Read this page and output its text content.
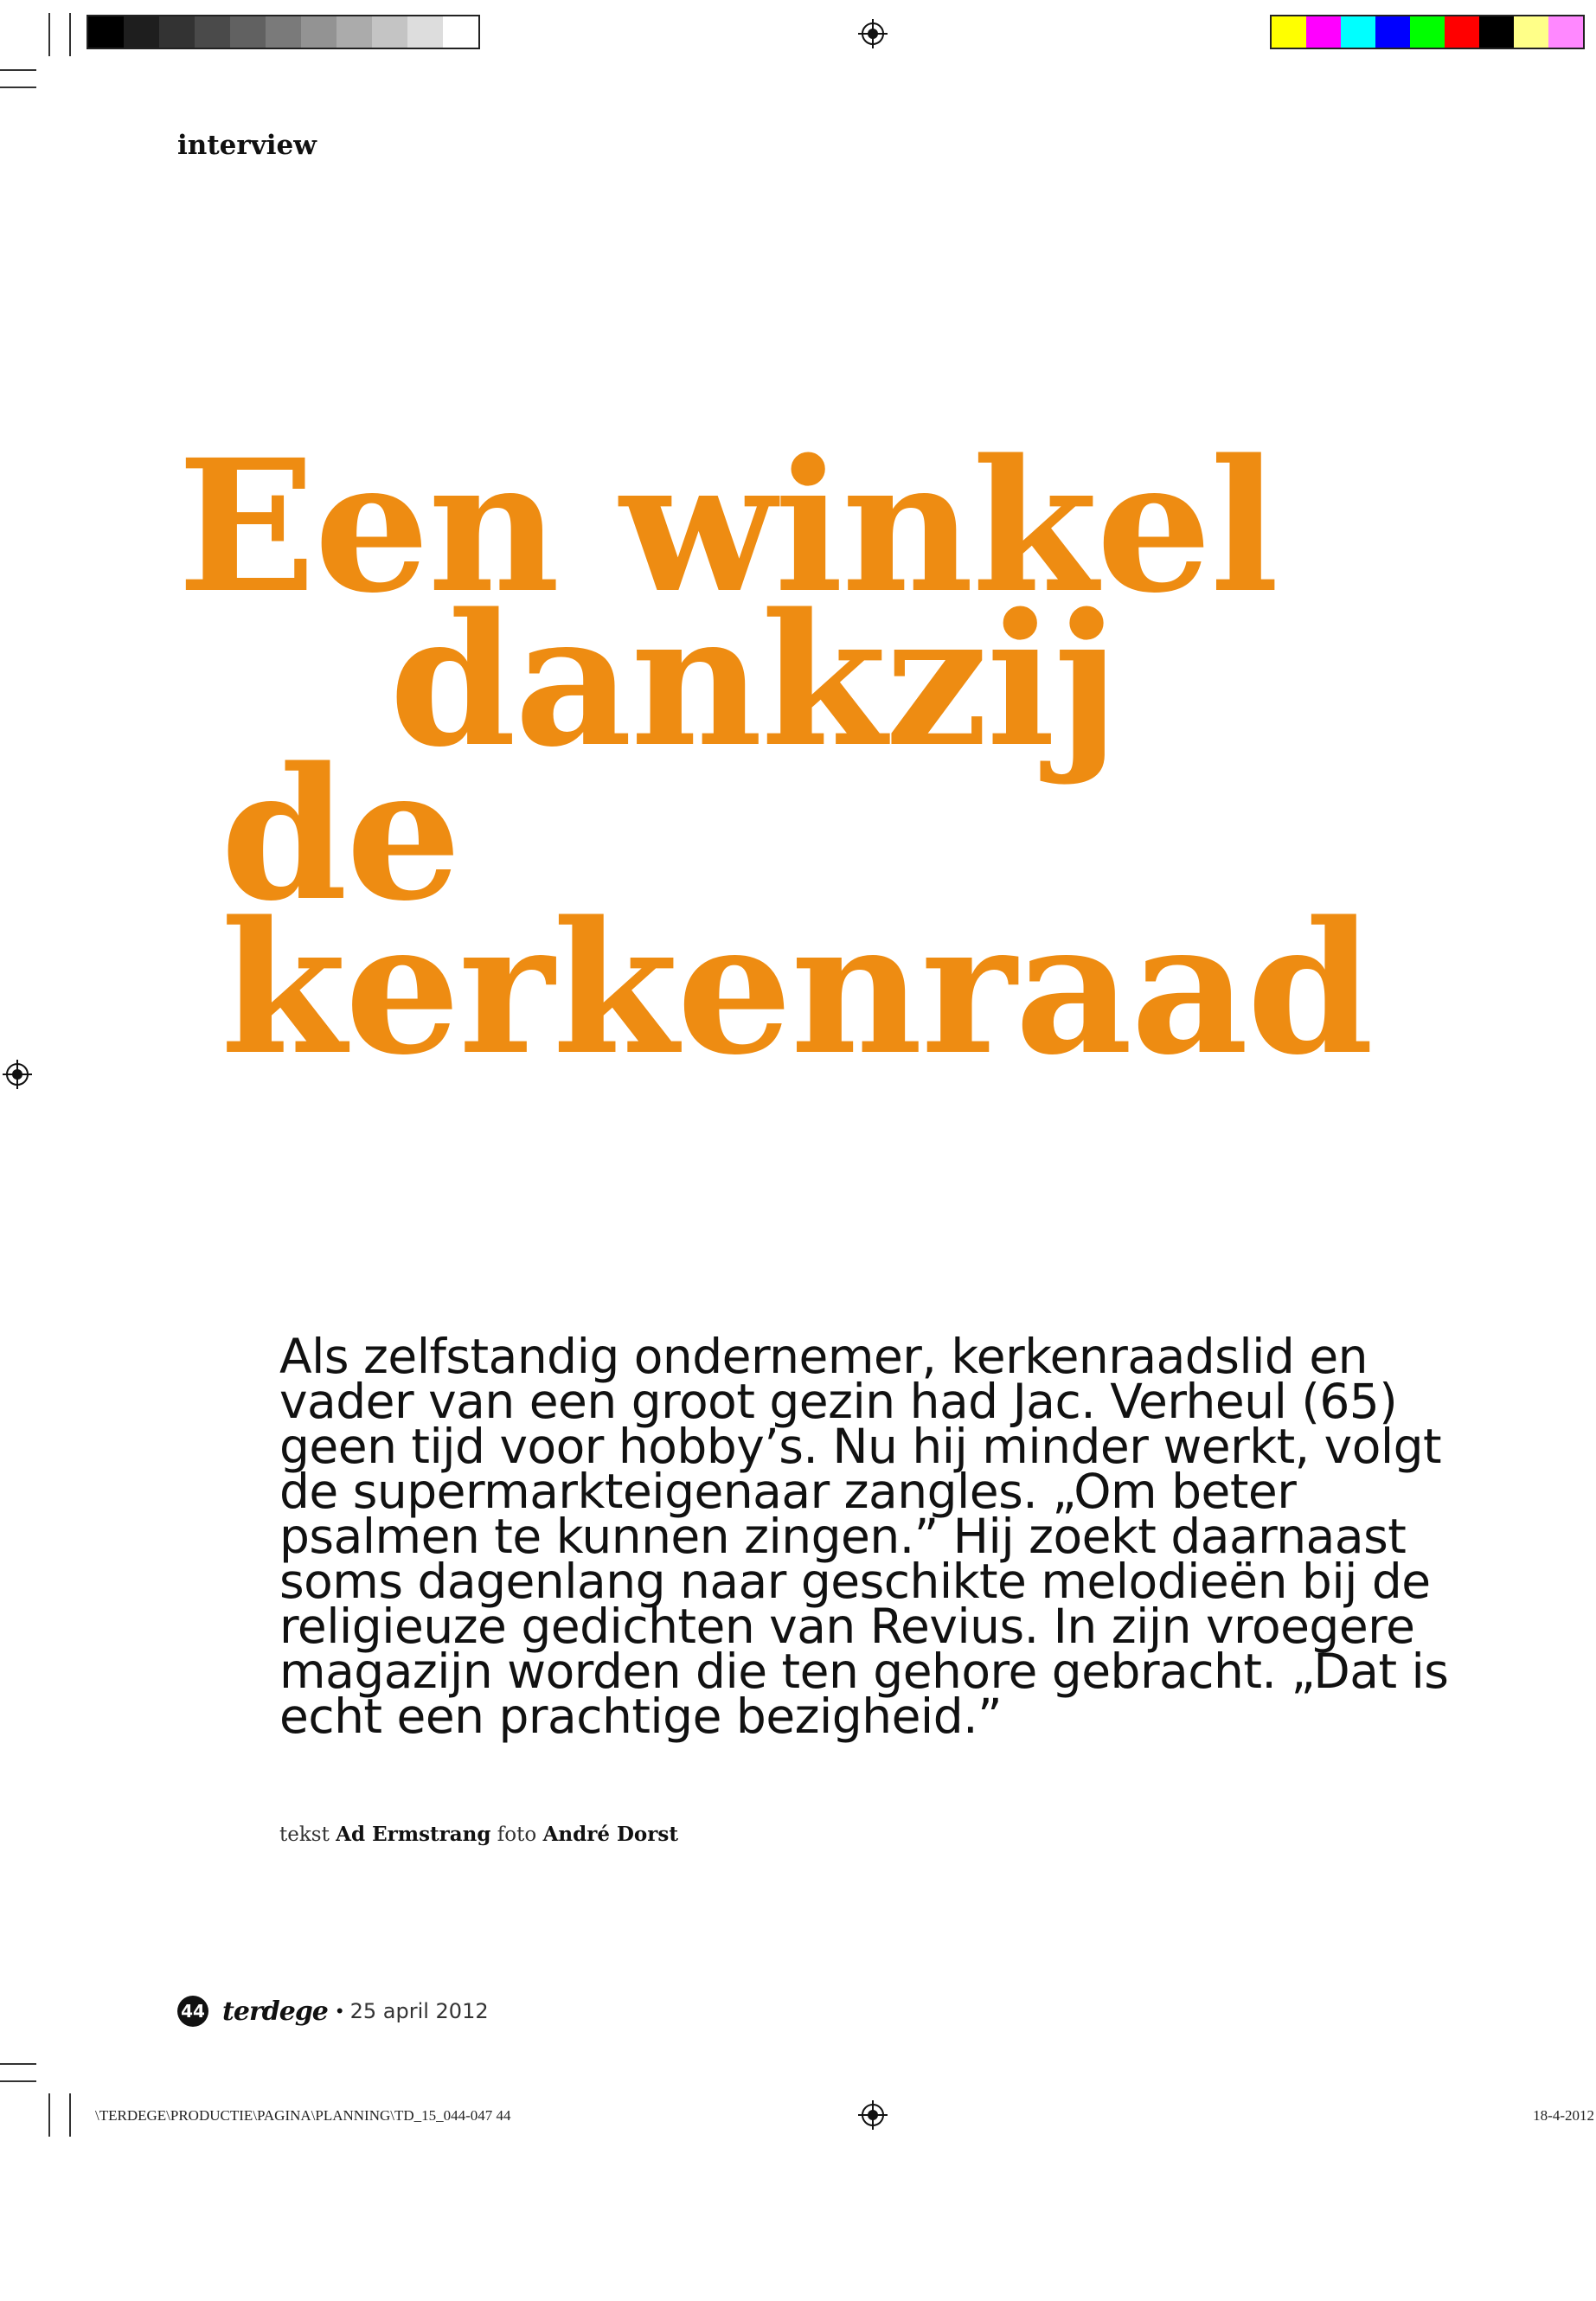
interview
Een winkel
dankzij
de kerkenraad
Als zelfstandig ondernemer, kerkenraadslid en vader van een groot gezin had Jac. Verheul (65) geen tijd voor hobby’s. Nu hij minder werkt, volgt de supermarkteigenaar zangles. „Om beter psalmen te kunnen zingen.” Hij zoekt daarnaast soms dagenlang naar geschikte melodieën bij de religieuze gedichten van Revius. In zijn vroegere magazijn worden die ten gehore gebracht. „Dat is echt een prachtige bezigheid.”
tekst Ad Ermstrang foto André Dorst
44 terdege • 25 april 2012
\TERDEGE\PRODUCTIE\PAGINA\PLANNING\TD_15_044-047 44	18-4-2012
